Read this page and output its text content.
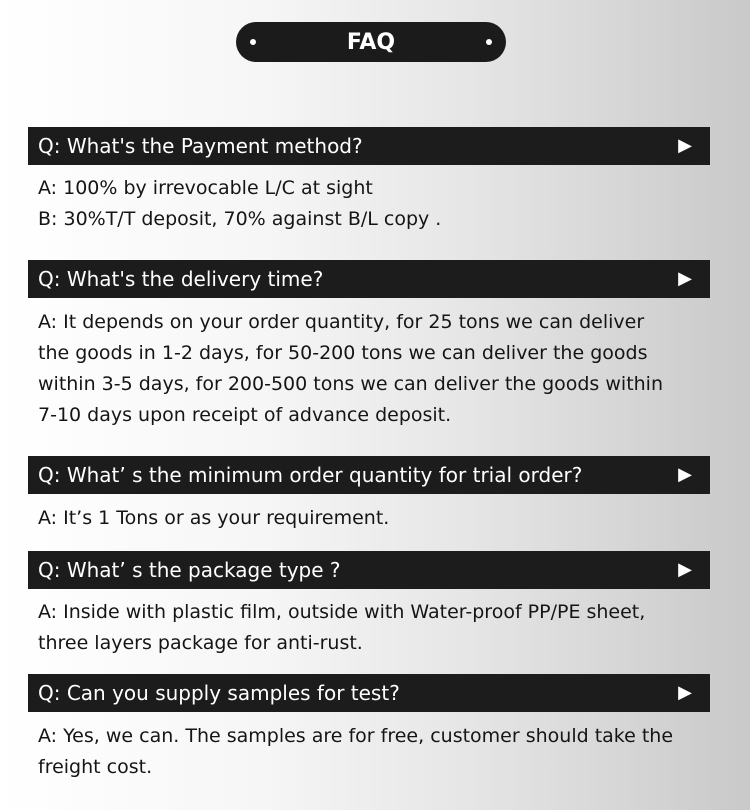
FAQ
Q: What's the Payment method?	▶
A: 100% by irrevocable L/C at sight
B: 30%T/T deposit, 70% against B/L copy .
Q: What's the delivery time?	▶
A: It depends on your order quantity, for 25 tons we can deliver
the goods in 1-2 days, for 50-200 tons we can deliver the goods
within 3-5 days, for 200-500 tons we can deliver the goods within
7-10 days upon receipt of advance deposit.
Q: What’ s the minimum order quantity for trial order?	▶
A: It’s 1 Tons or as your requirement.
Q: What’ s the package type ?	▶
A: Inside with plastic film, outside with Water-proof PP/PE sheet,
three layers package for anti-rust.
Q: Can you supply samples for test?	▶
A: Yes, we can. The samples are for free, customer should take the
freight cost.
